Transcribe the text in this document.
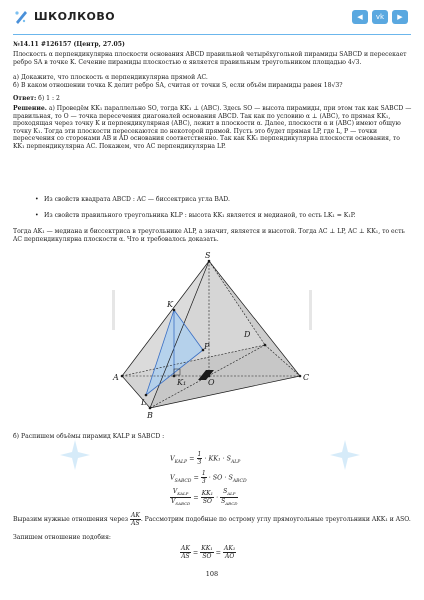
ШКОЛКОВО	◀	vk	▶

№14.11 #126157 (Центр, 27.05)

Плоскость α перпендикулярна плоскости основания ABCD правильной четырёхугольной пирамиды SABCD и пересекает ребро SA в точке K. Сечение пирамиды плоскостью α является правильным треугольником площадью 4√3.

а) Докажите, что плоскость α перпендикулярна прямой AC.

б) В каком отношении точка K делит ребро SA, считая от точки S, если объём пирамиды равен 18√3?

Ответ: б) 1 : 2

Решение. а) Проведём KK₁ параллельно SO, тогда KK₁ ⊥ (ABC). Здесь SO — высота пирамиды, при этом так как SABCD — правильная, то O — точка пересечения диагоналей основания ABCD. Так как по условию α ⊥ (ABC), то прямая KK₁, проходящая через точку K и перпендикулярная (ABC), лежит в плоскости α. Далее, плоскости α и (ABC) имеют общую точку K₁. Тогда эти плоскости пересекаются по некоторой прямой. Пусть это будет прямая LP, где L, P — точки пересечения со сторонами AB и AD основания соответственно. Так как KK₁ перпендикулярна плоскости основания, то KK₁ перпендикулярна AC. Покажем, что AC перпендикулярна LP.

• Из свойств квадрата ABCD : AC — биссектриса угла BAD.
• Из свойств правильного треугольника KLP : высота KK₁ является и медианой, то есть LK₁ = K₁P.

Тогда AK₁ — медиана и биссектриса в треугольнике ALP, а значит, является и высотой. Тогда AC ⊥ LP, AC ⊥ KK₁, то есть AC перпендикулярна плоскости α. Что и требовалось доказать.

S
K
P
D
A
K₁	O
C
L
B

б) Распишем объёмы пирамид KALP и SABCD :

$V_{KALP} = \frac{1}{3} \cdot KK_1 \cdot S_{ALP}$
$V_{SABCD} = \frac{1}{3}$ · SO · $S_{ABCD}$
$\frac{V_{KALP}}{V_{SABCD}} = \frac{\text{KK₁}}{SO} \cdot \frac{S_{ALP}}{S_{ABCD}}$

Выразим нужные отношения через $\frac{AK}{AS}$ . Рассмотрим подобные по острому углу прямоугольные треугольники AKK₁ и ASO.

Запишем отношение подобия:

$\frac{AK}{AS} = \frac{\text{KK₁}}{SO} = \frac{\text{AK₁}}{AO}$
108
